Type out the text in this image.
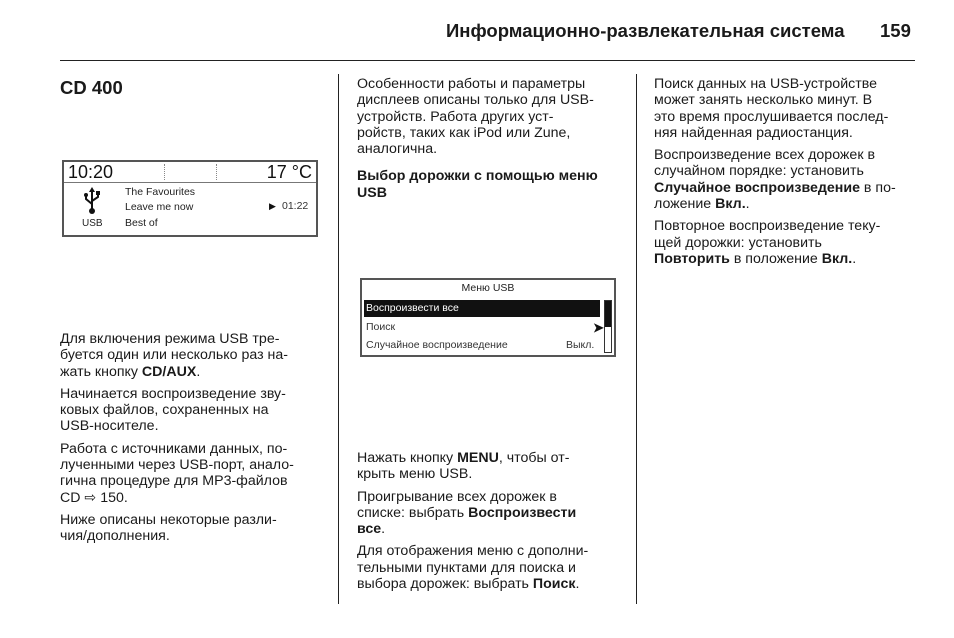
Информационно-развлекательная система 159
CD 400
10:20	17 °C
USB
The Favourites
Leave me now
Best of
▶ 01:22

Для включения режима USB тре-
буется один или несколько раз на-
жать кнопку CD/AUX.

Начинается воспроизведение зву-
ковых файлов, сохраненных на
USB-носителе.

Работа с источниками данных, по-
лученными через USB-порт, анало-
гична процедуре для MP3-файлов
CD ⇨ 150.

Ниже описаны некоторые разли-
чия/дополнения.

Особенности работы и параметры
дисплеев описаны только для USB-
устройств. Работа других уст-
ройств, таких как iPod или Zune,
аналогична.

Выбор дорожки с помощью меню
USB

Меню USB
Воспроизвести все
Поиск	➤
Случайное воспроизведение	Выкл.

Нажать кнопку MENU, чтобы от-
крыть меню USB.

Проигрывание всех дорожек в
списке: выбрать Воспроизвести
все.

Для отображения меню с дополни-
тельными пунктами для поиска и
выбора дорожек: выбрать Поиск.

Поиск данных на USB-устройстве
может занять несколько минут. В
это время прослушивается послед-
няя найденная радиостанция.

Воспроизведение всех дорожек в
случайном порядке: установить
Случайное воспроизведение в по-
ложение Вкл..

Повторное воспроизведение теку-
щей дорожки: установить
Повторить в положение Вкл..
